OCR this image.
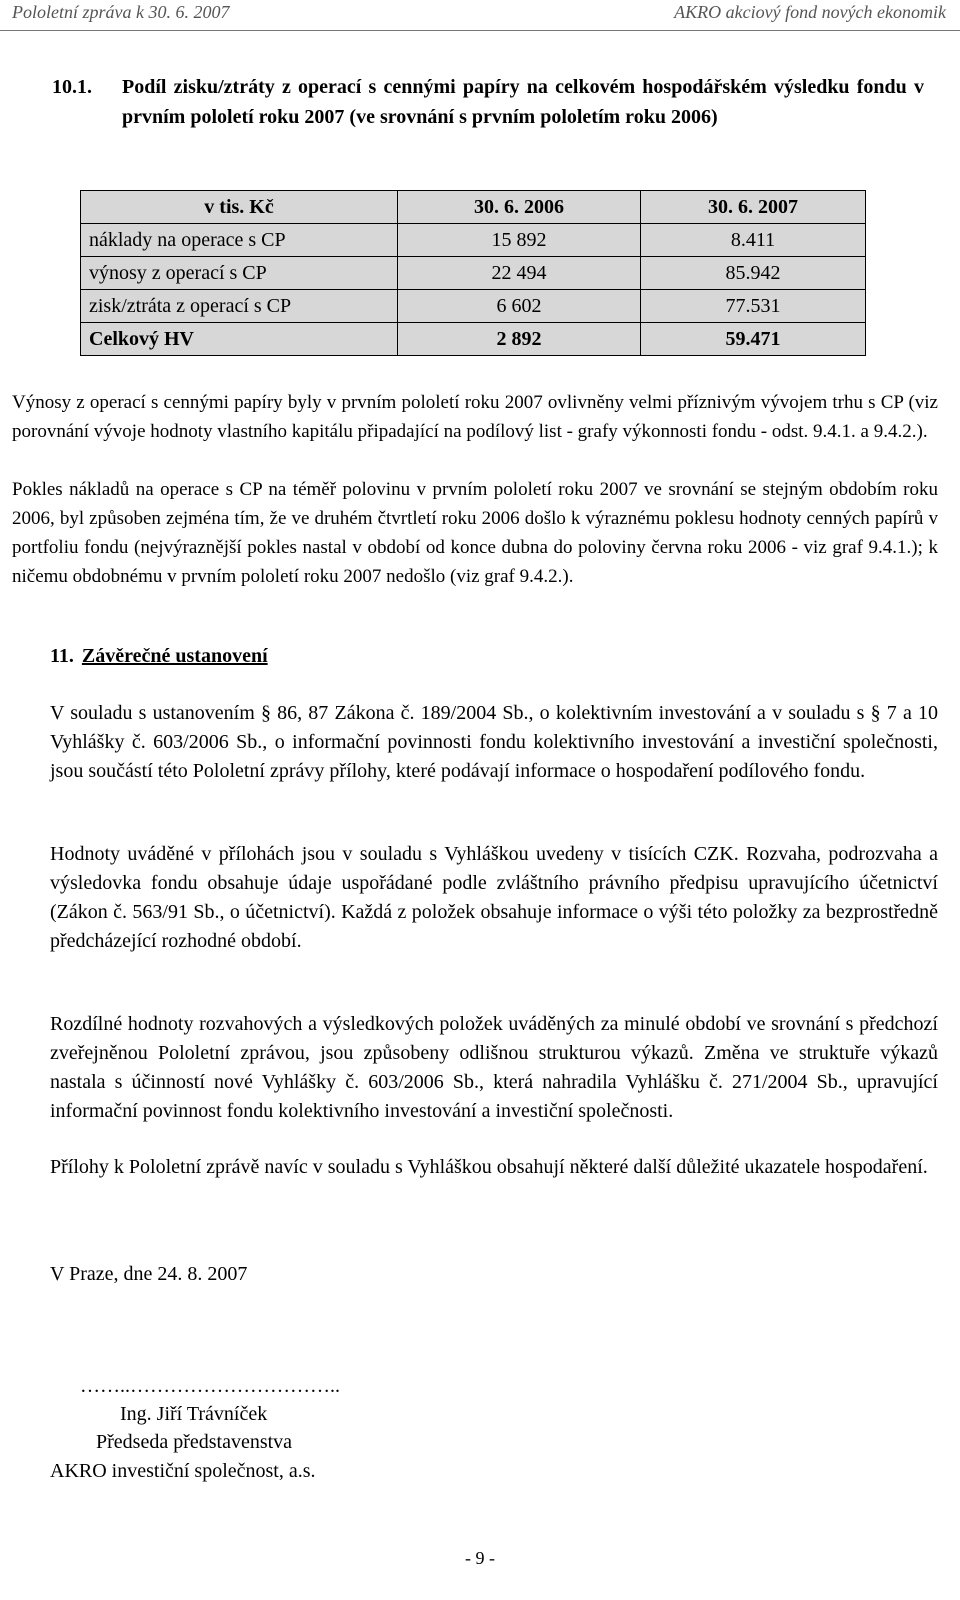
Pololetní zpráva k 30. 6. 2007	AKRO akciový fond nových ekonomik
10.1. Podíl zisku/ztráty z operací s cennými papíry na celkovém hospodářském výsledku fondu v prvním pololetí roku 2007 (ve srovnání s prvním pololetím roku 2006)
v tis. Kč	30. 6. 2006	30. 6. 2007
náklady na operace s CP	15 892	8.411
výnosy z operací s CP	22 494	85.942
zisk/ztráta z operací s CP	6 602	77.531
Celkový HV	2 892	59.471

Výnosy z operací s cennými papíry byly v prvním pololetí roku 2007 ovlivněny velmi příznivým vývojem trhu s CP (viz porovnání vývoje hodnoty vlastního kapitálu připadající na podílový list - grafy výkonnosti fondu - odst. 9.4.1. a 9.4.2.).

Pokles nákladů na operace s CP na téměř polovinu v prvním pololetí roku 2007 ve srovnání se stejným obdobím roku 2006, byl způsoben zejména tím, že ve druhém čtvrtletí roku 2006 došlo k výraznému poklesu hodnoty cenných papírů v portfoliu fondu (nejvýraznější pokles nastal v období od konce dubna do poloviny června roku 2006 - viz graf 9.4.1.); k ničemu obdobnému v prvním pololetí roku 2007 nedošlo (viz graf 9.4.2.).

11. Závěrečné ustanovení

V souladu s ustanovením § 86, 87 Zákona č. 189/2004 Sb., o kolektivním investování a v souladu s § 7 a 10 Vyhlášky č. 603/2006 Sb., o informační povinnosti fondu kolektivního investování a investiční společnosti, jsou součástí této Pololetní zprávy přílohy, které podávají informace o hospodaření podílového fondu.

Hodnoty uváděné v přílohách jsou v souladu s Vyhláškou uvedeny v tisících CZK. Rozvaha, podrozvaha a výsledovka fondu obsahuje údaje uspořádané podle zvláštního právního předpisu upravujícího účetnictví (Zákon č. 563/91 Sb., o účetnictví). Každá z položek obsahuje informace o výši této položky za bezprostředně předcházející rozhodné období.

Rozdílné hodnoty rozvahových a výsledkových položek uváděných za minulé období ve srovnání s předchozí zveřejněnou Pololetní zprávou, jsou způsobeny odlišnou strukturou výkazů. Změna ve struktuře výkazů nastala s účinností nové Vyhlášky č. 603/2006 Sb., která nahradila Vyhlášku č. 271/2004 Sb., upravující informační povinnost fondu kolektivního investování a investiční společnosti.

Přílohy k Pololetní zprávě navíc v souladu s Vyhláškou obsahují některé další důležité ukazatele hospodaření.

V Praze, dne 24. 8. 2007
……..…………………………..
Ing. Jiří Trávníček
Předseda představenstva
AKRO investiční společnost, a.s.
- 9 -
